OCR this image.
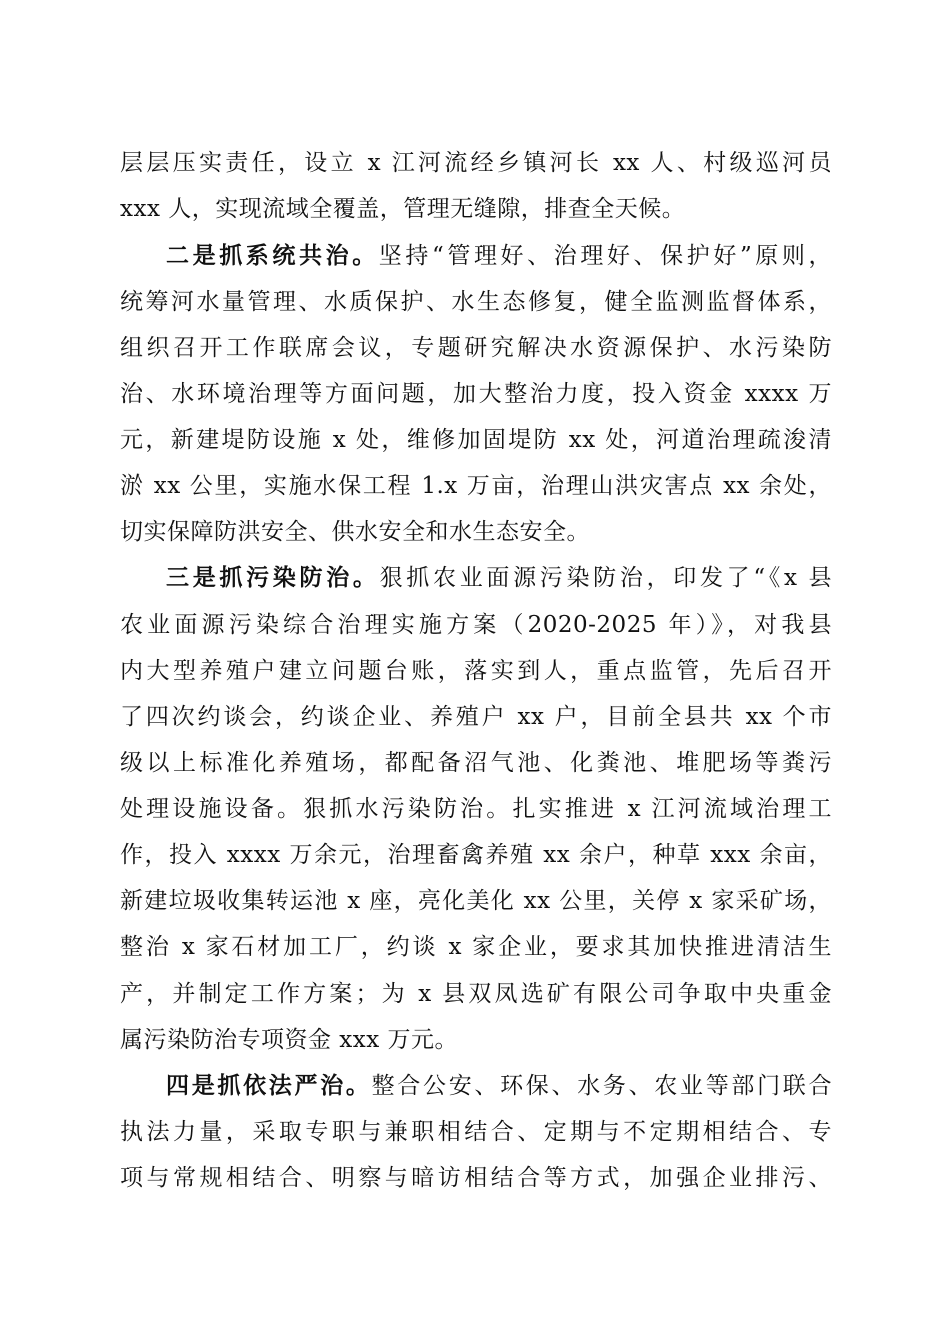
层层压实责任，设立 x 江河流经乡镇河长 xx 人、村级巡河员
xxx 人，实现流域全覆盖，管理无缝隙，排查全天候。
二是抓系统共治。坚持“管理好、治理好、保护好”原则，
统筹河水量管理、水质保护、水生态修复，健全监测监督体系，
组织召开工作联席会议，专题研究解决水资源保护、水污染防
治、水环境治理等方面问题，加大整治力度，投入资金 xxxx 万
元，新建堤防设施 x 处，维修加固堤防 xx 处，河道治理疏浚清
淤 xx 公里，实施水保工程 1.x 万亩，治理山洪灾害点 xx 余处，
切实保障防洪安全、供水安全和水生态安全。
三是抓污染防治。狠抓农业面源污染防治，印发了“《x 县
农业面源污染综合治理实施方案（2020-2025 年）》，对我县
内大型养殖户建立问题台账，落实到人，重点监管，先后召开
了四次约谈会，约谈企业、养殖户 xx 户，目前全县共 xx 个市
级以上标准化养殖场，都配备沼气池、化粪池、堆肥场等粪污
处理设施设备。狠抓水污染防治。扎实推进 x 江河流域治理工
作，投入 xxxx 万余元，治理畜禽养殖 xx 余户，种草 xxx 余亩，
新建垃圾收集转运池 x 座，亮化美化 xx 公里，关停 x 家采矿场，
整治 x 家石材加工厂，约谈 x 家企业，要求其加快推进清洁生
产，并制定工作方案；为 x 县双凤选矿有限公司争取中央重金
属污染防治专项资金 xxx 万元。
四是抓依法严治。整合公安、环保、水务、农业等部门联合
执法力量，采取专职与兼职相结合、定期与不定期相结合、专
项与常规相结合、明察与暗访相结合等方式，加强企业排污、
